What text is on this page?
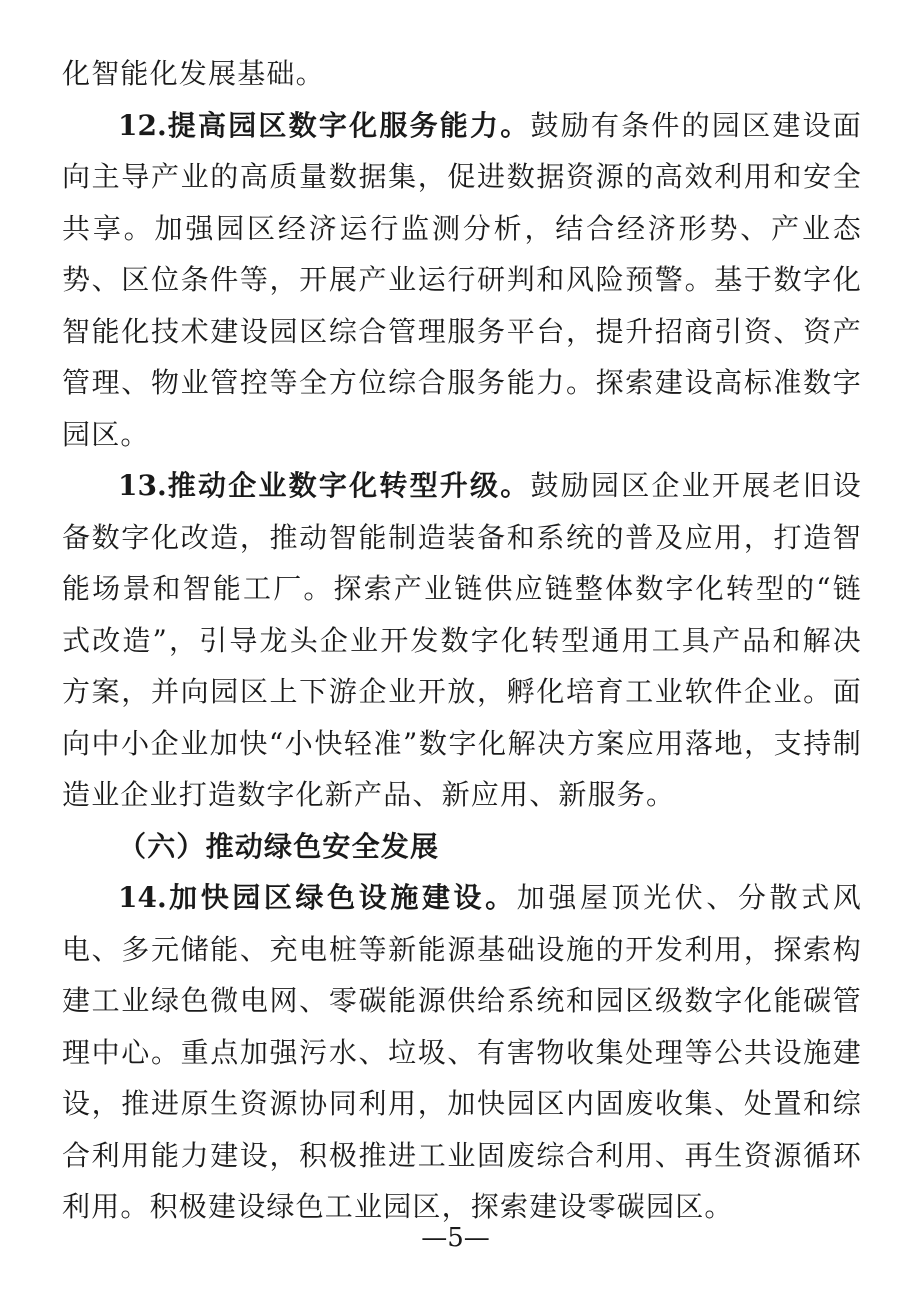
化智能化发展基础。

12.提高园区数字化服务能力。鼓励有条件的园区建设面向主导产业的高质量数据集，促进数据资源的高效利用和安全共享。加强园区经济运行监测分析，结合经济形势、产业态势、区位条件等，开展产业运行研判和风险预警。基于数字化智能化技术建设园区综合管理服务平台，提升招商引资、资产管理、物业管控等全方位综合服务能力。探索建设高标准数字园区。

13.推动企业数字化转型升级。鼓励园区企业开展老旧设备数字化改造，推动智能制造装备和系统的普及应用，打造智能场景和智能工厂。探索产业链供应链整体数字化转型的“链式改造”，引导龙头企业开发数字化转型通用工具产品和解决方案，并向园区上下游企业开放，孵化培育工业软件企业。面向中小企业加快“小快轻准”数字化解决方案应用落地，支持制造业企业打造数字化新产品、新应用、新服务。

（六）推动绿色安全发展

14.加快园区绿色设施建设。加强屋顶光伏、分散式风电、多元储能、充电桩等新能源基础设施的开发利用，探索构建工业绿色微电网、零碳能源供给系统和园区级数字化能碳管理中心。重点加强污水、垃圾、有害物收集处理等公共设施建设，推进原生资源协同利用，加快园区内固废收集、处置和综合利用能力建设，积极推进工业固废综合利用、再生资源循环利用。积极建设绿色工业园区，探索建设零碳园区。

—5—
